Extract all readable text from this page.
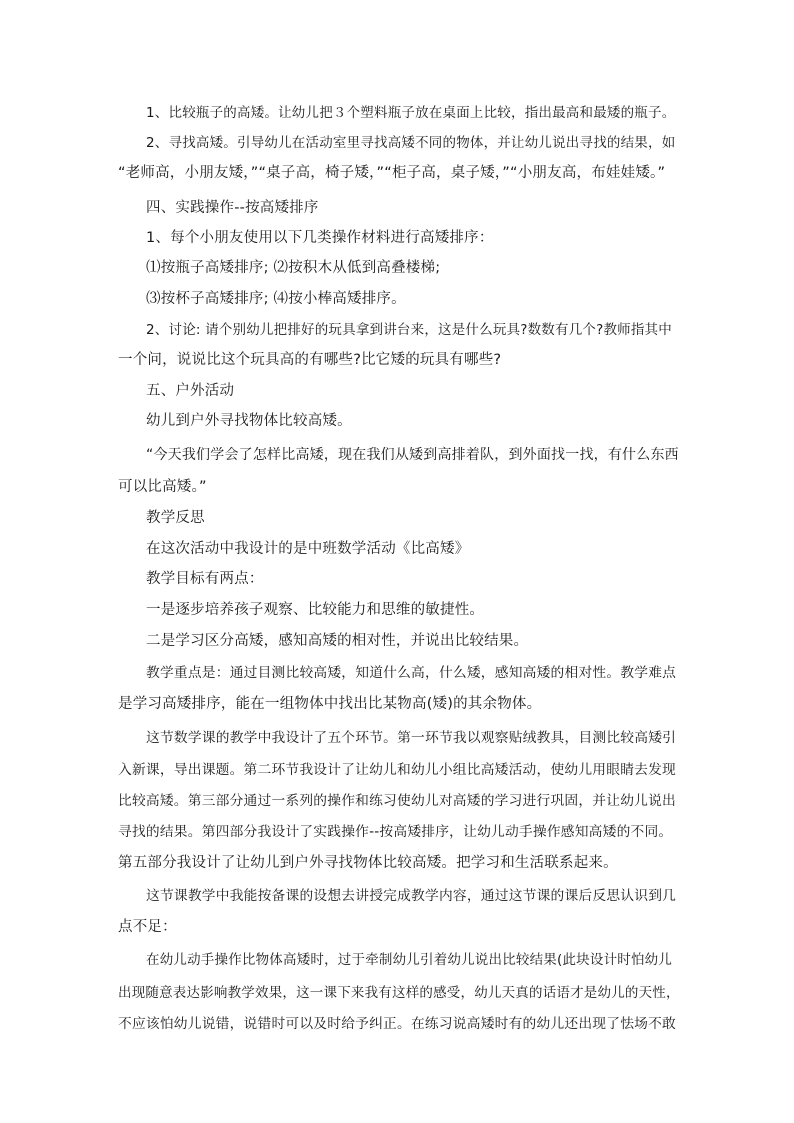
1、比较瓶子的高矮。让幼儿把３个塑料瓶子放在桌面上比较，指出最高和最矮的瓶子。
2、寻找高矮。引导幼儿在活动室里寻找高矮不同的物体，并让幼儿说出寻找的结果，如
“老师高，小朋友矮，”“桌子高，椅子矮，”“柜子高，桌子矮，”“小朋友高，布娃娃矮。”
四、实践操作--按高矮排序
1、每个小朋友使用以下几类操作材料进行高矮排序：
⑴按瓶子高矮排序; ⑵按积木从低到高叠楼梯;
⑶按杯子高矮排序; ⑷按小棒高矮排序。
2、讨论: 请个别幼儿把排好的玩具拿到讲台来，这是什么玩具?数数有几个?教师指其中
一个问，说说比这个玩具高的有哪些?比它矮的玩具有哪些?
五、户外活动
幼儿到户外寻找物体比较高矮。
“今天我们学会了怎样比高矮，现在我们从矮到高排着队，到外面找一找，有什么东西
可以比高矮。”
教学反思
在这次活动中我设计的是中班数学活动《比高矮》
教学目标有两点：
一是逐步培养孩子观察、比较能力和思维的敏捷性。
二是学习区分高矮，感知高矮的相对性，并说出比较结果。
教学重点是：通过目测比较高矮，知道什么高，什么矮，感知高矮的相对性。教学难点
是学习高矮排序，能在一组物体中找出比某物高(矮)的其余物体。
这节数学课的教学中我设计了五个环节。第一环节我以观察贴绒教具，目测比较高矮引
入新课，导出课题。第二环节我设计了让幼儿和幼儿小组比高矮活动，使幼儿用眼睛去发现
比较高矮。第三部分通过一系列的操作和练习使幼儿对高矮的学习进行巩固，并让幼儿说出
寻找的结果。第四部分我设计了实践操作--按高矮排序，让幼儿动手操作感知高矮的不同。
第五部分我设计了让幼儿到户外寻找物体比较高矮。把学习和生活联系起来。
这节课教学中我能按备课的设想去讲授完成教学内容，通过这节课的课后反思认识到几
点不足：
在幼儿动手操作比物体高矮时，过于牵制幼儿引着幼儿说出比较结果(此块设计时怕幼儿
出现随意表达影响教学效果，这一课下来我有这样的感受，幼儿天真的话语才是幼儿的天性，
不应该怕幼儿说错，说错时可以及时给予纠正。在练习说高矮时有的幼儿还出现了怯场不敢
